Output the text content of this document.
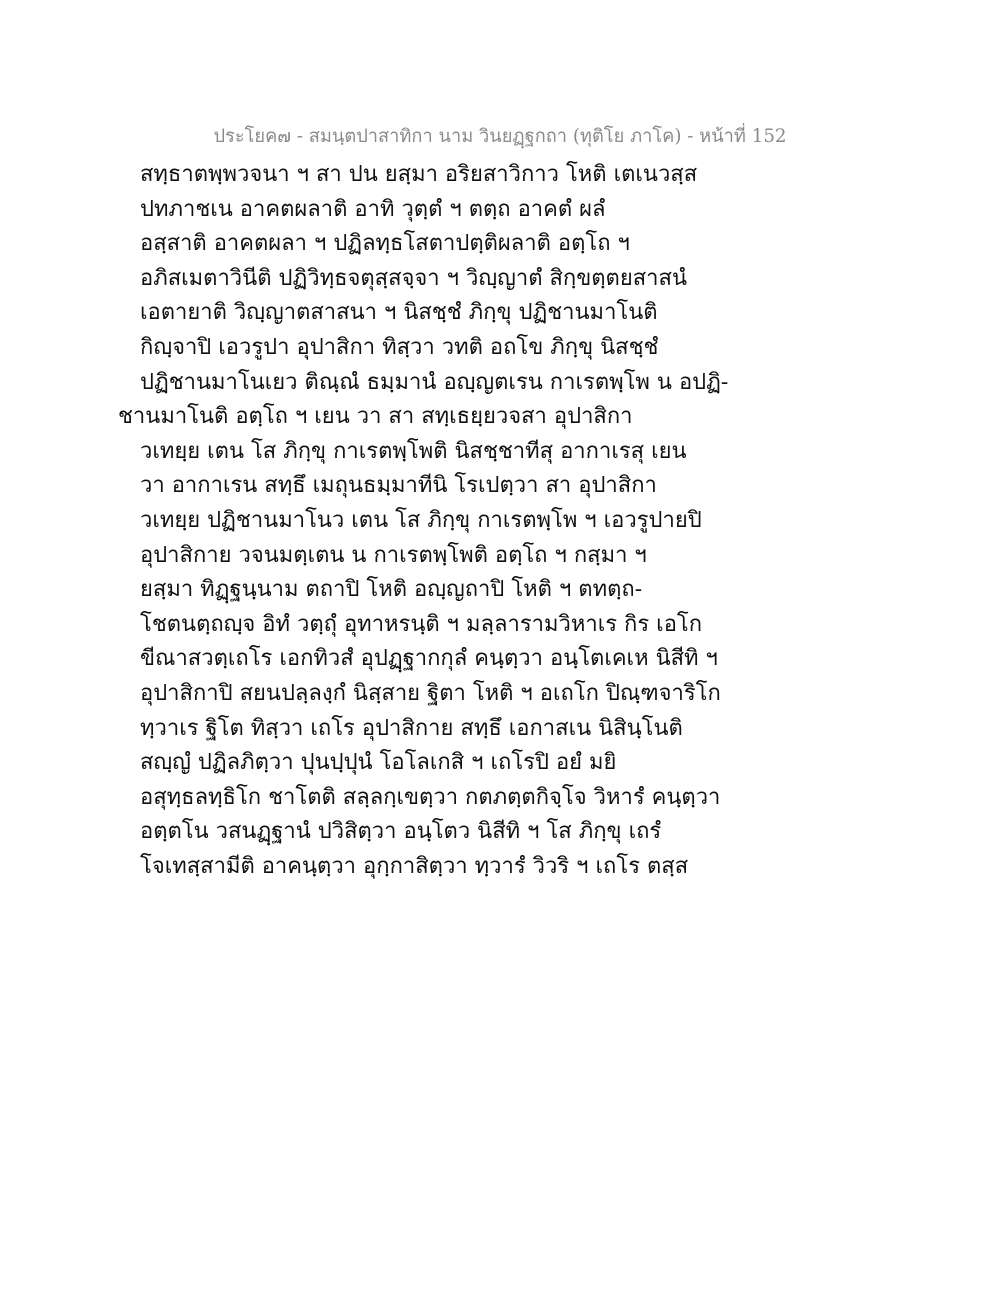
ประโยค๗ - สมนฺตปาสาทิกา นาม วินยฏฺฐกถา (ทุติโย ภาโค) - หน้าที่ 152
สทฺธาตพฺพวจนา ฯ สา ปน ยสฺมา อริยสาวิกาว โหติ เตเนวสฺส
ปทภาชเน อาคตผลาติ อาทิ วุตฺตํ ฯ ตตฺถ อาคตํ ผลํ
อสฺสาติ อาคตผลา ฯ ปฏิลทฺธโสตาปตฺติผลาติ อตฺโถ ฯ
อภิสเมตาวินีติ ปฏิวิทฺธจตุสฺสจฺจา ฯ วิญฺญาตํ สิกฺขตฺตยสาสนํ
เอตายาติ วิญฺญาตสาสนา ฯ นิสชฺชํ ภิกฺขุ ปฏิชานมาโนติ
กิญฺจาปิ เอวรูปา อุปาสิกา ทิสฺวา วทติ อถโข ภิกฺขุ นิสชฺชํ
ปฏิชานมาโนเยว ติณฺณํ ธมฺมานํ อญฺญตเรน กาเรตพฺโพ น อปฏิ-
ชานมาโนติ อตฺโถ ฯ เยน วา สา สทฺเธยฺยวจสา อุปาสิกา
วเทยฺย เตน โส ภิกฺขุ กาเรตพฺโพติ นิสชฺชาทีสุ อากาเรสุ เยน
วา อากาเรน สทฺธึ เมถุนธมฺมาทีนิ โรเปตฺวา สา อุปาสิกา
วเทยฺย ปฏิชานมาโนว เตน โส ภิกฺขุ กาเรตพฺโพ ฯ เอวรูปายปิ
อุปาสิกาย วจนมตฺเตน น กาเรตพฺโพติ อตฺโถ ฯ กสฺมา ฯ
ยสฺมา ทิฏฺฐนฺนาม ตถาปิ โหติ อญฺญถาปิ โหติ ฯ ตทตฺถ-
โชตนตฺถญฺจ อิทํ วตฺถุํ อุทาหรนฺติ ฯ มลฺลารามวิหาเร กิร เอโก
ขีณาสวตฺเถโร เอกทิวสํ อุปฏฺฐากกุลํ คนฺตฺวา อนฺโตเคเห นิสีทิ ฯ
อุปาสิกาปิ สยนปลฺลงฺกํ นิสฺสาย ฐิตา โหติ ฯ อเถโก ปิณฺฑจาริโก
ทฺวาเร ฐิโต ทิสฺวา เถโร อุปาสิกาย สทฺธึ เอกาสเน นิสินฺโนติ
สญฺญํ ปฏิลภิตฺวา ปุนปฺปุนํ โอโลเกสิ ฯ เถโรปิ อยํ มยิ
อสุทฺธลทฺธิโก ชาโตติ สลฺลกฺเขตฺวา กตภตฺตกิจฺโจ วิหารํ คนฺตฺวา
อตฺตโน วสนฏฺฐานํ ปวิสิตฺวา อนฺโตว นิสีทิ ฯ โส ภิกฺขุ เถรํ
โจเทสฺสามีติ อาคนฺตฺวา อุกฺกาสิตฺวา ทฺวารํ วิวริ ฯ เถโร ตสฺส
